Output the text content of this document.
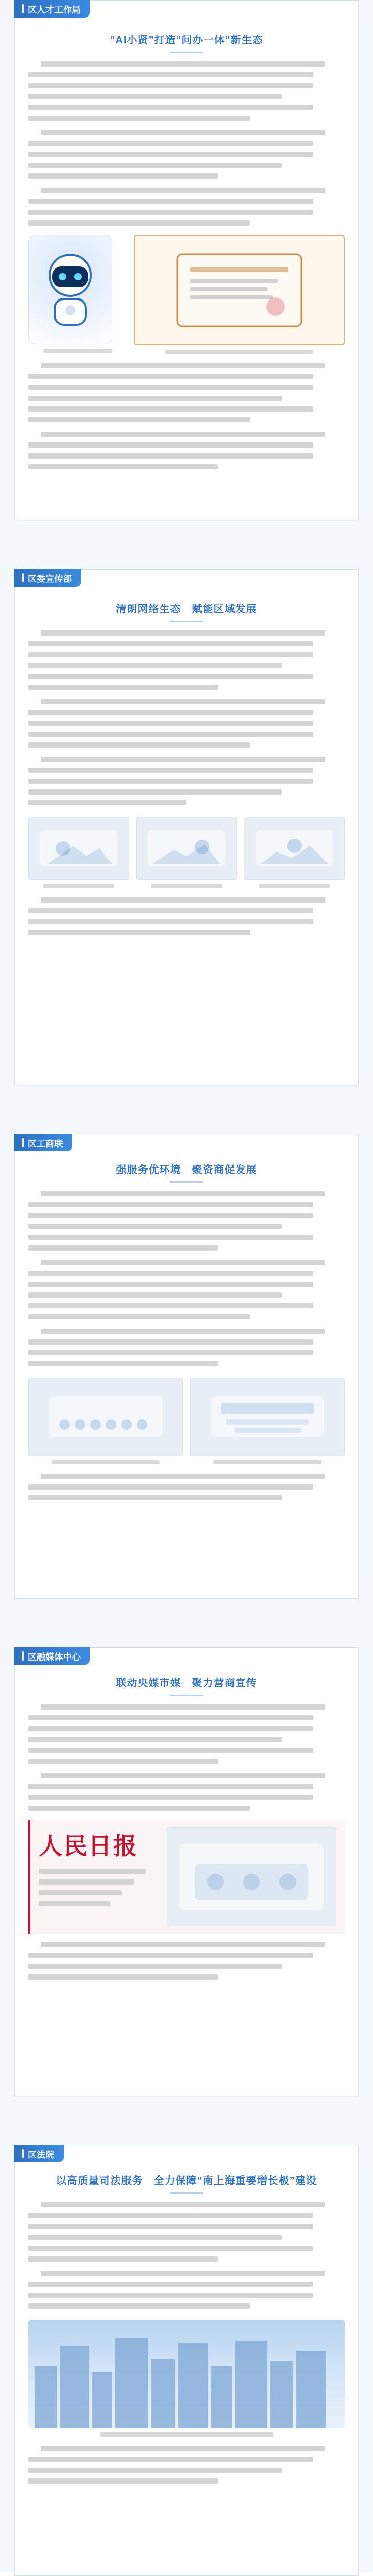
区人才工作局
“AI小贤”打造“问办一体”新生态
区委宣传部
清朗网络生态　赋能区域发展
区工商联
强服务优环境　聚资商促发展
区融媒体中心
联动央媒市媒　聚力营商宣传
人民日报
区法院
以高质量司法服务　全力保障“南上海重要增长极”建设
